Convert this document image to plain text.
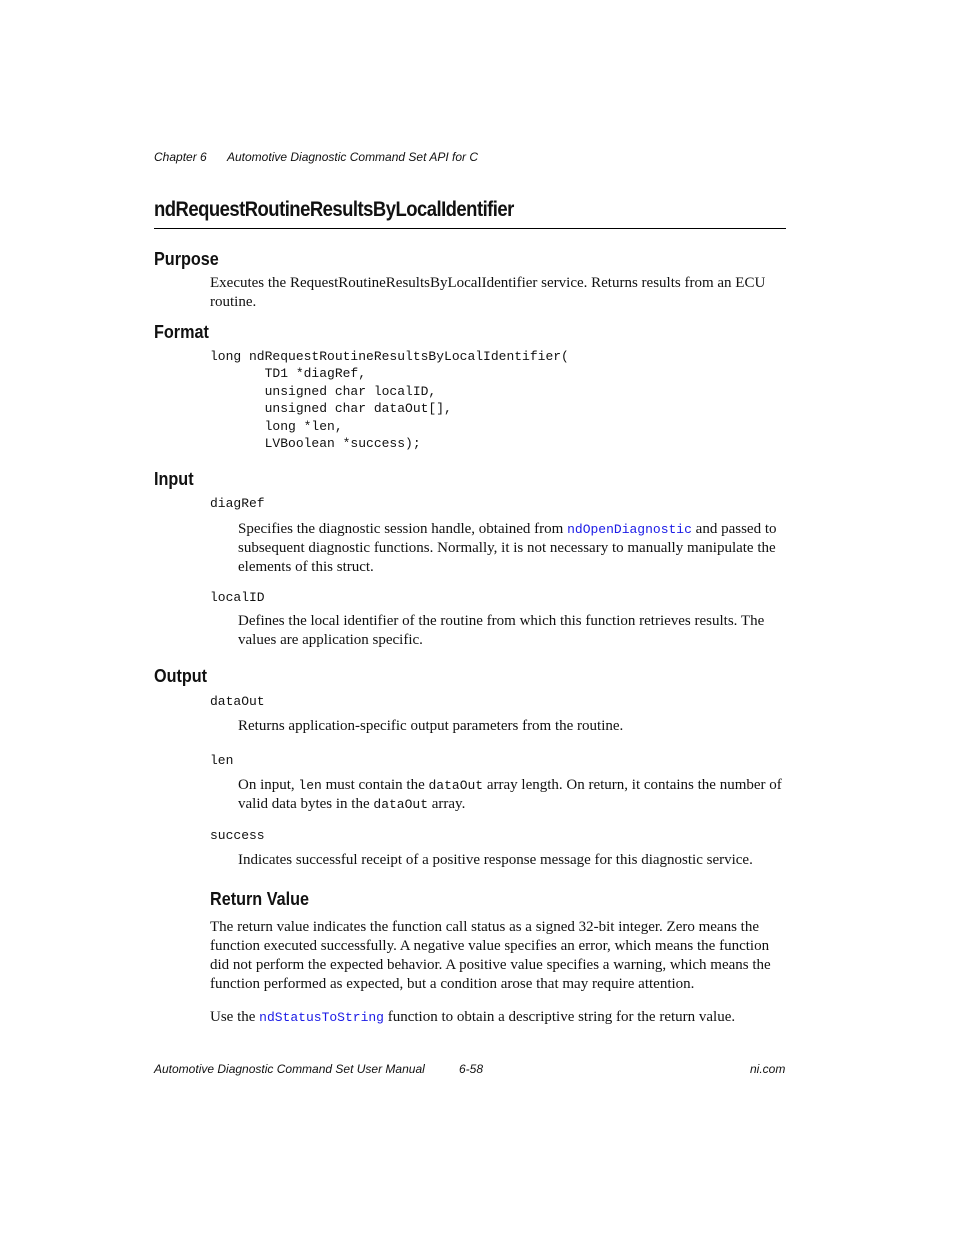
Chapter 6 Automotive Diagnostic Command Set API for C
ndRequestRoutineResultsByLocalIdentifier
Purpose
Executes the RequestRoutineResultsByLocalIdentifier service. Returns results from an ECU routine.
Format
long ndRequestRoutineResultsByLocalIdentifier(
TD1 *diagRef,
unsigned char localID,
unsigned char dataOut[],
long *len,
LVBoolean *success);
Input
diagRef
Specifies the diagnostic session handle, obtained from ndOpenDiagnostic and passed to subsequent diagnostic functions. Normally, it is not necessary to manually manipulate the elements of this struct.
localID
Defines the local identifier of the routine from which this function retrieves results. The values are application specific.
Output
dataOut
Returns application-specific output parameters from the routine.
len
On input, len must contain the dataOut array length. On return, it contains the number of valid data bytes in the dataOut array.
success
Indicates successful receipt of a positive response message for this diagnostic service.
Return Value
The return value indicates the function call status as a signed 32-bit integer. Zero means the function executed successfully. A negative value specifies an error, which means the function did not perform the expected behavior. A positive value specifies a warning, which means the function performed as expected, but a condition arose that may require attention.
Use the ndStatusToString function to obtain a descriptive string for the return value.
Automotive Diagnostic Command Set User Manual	6-58	ni.com
